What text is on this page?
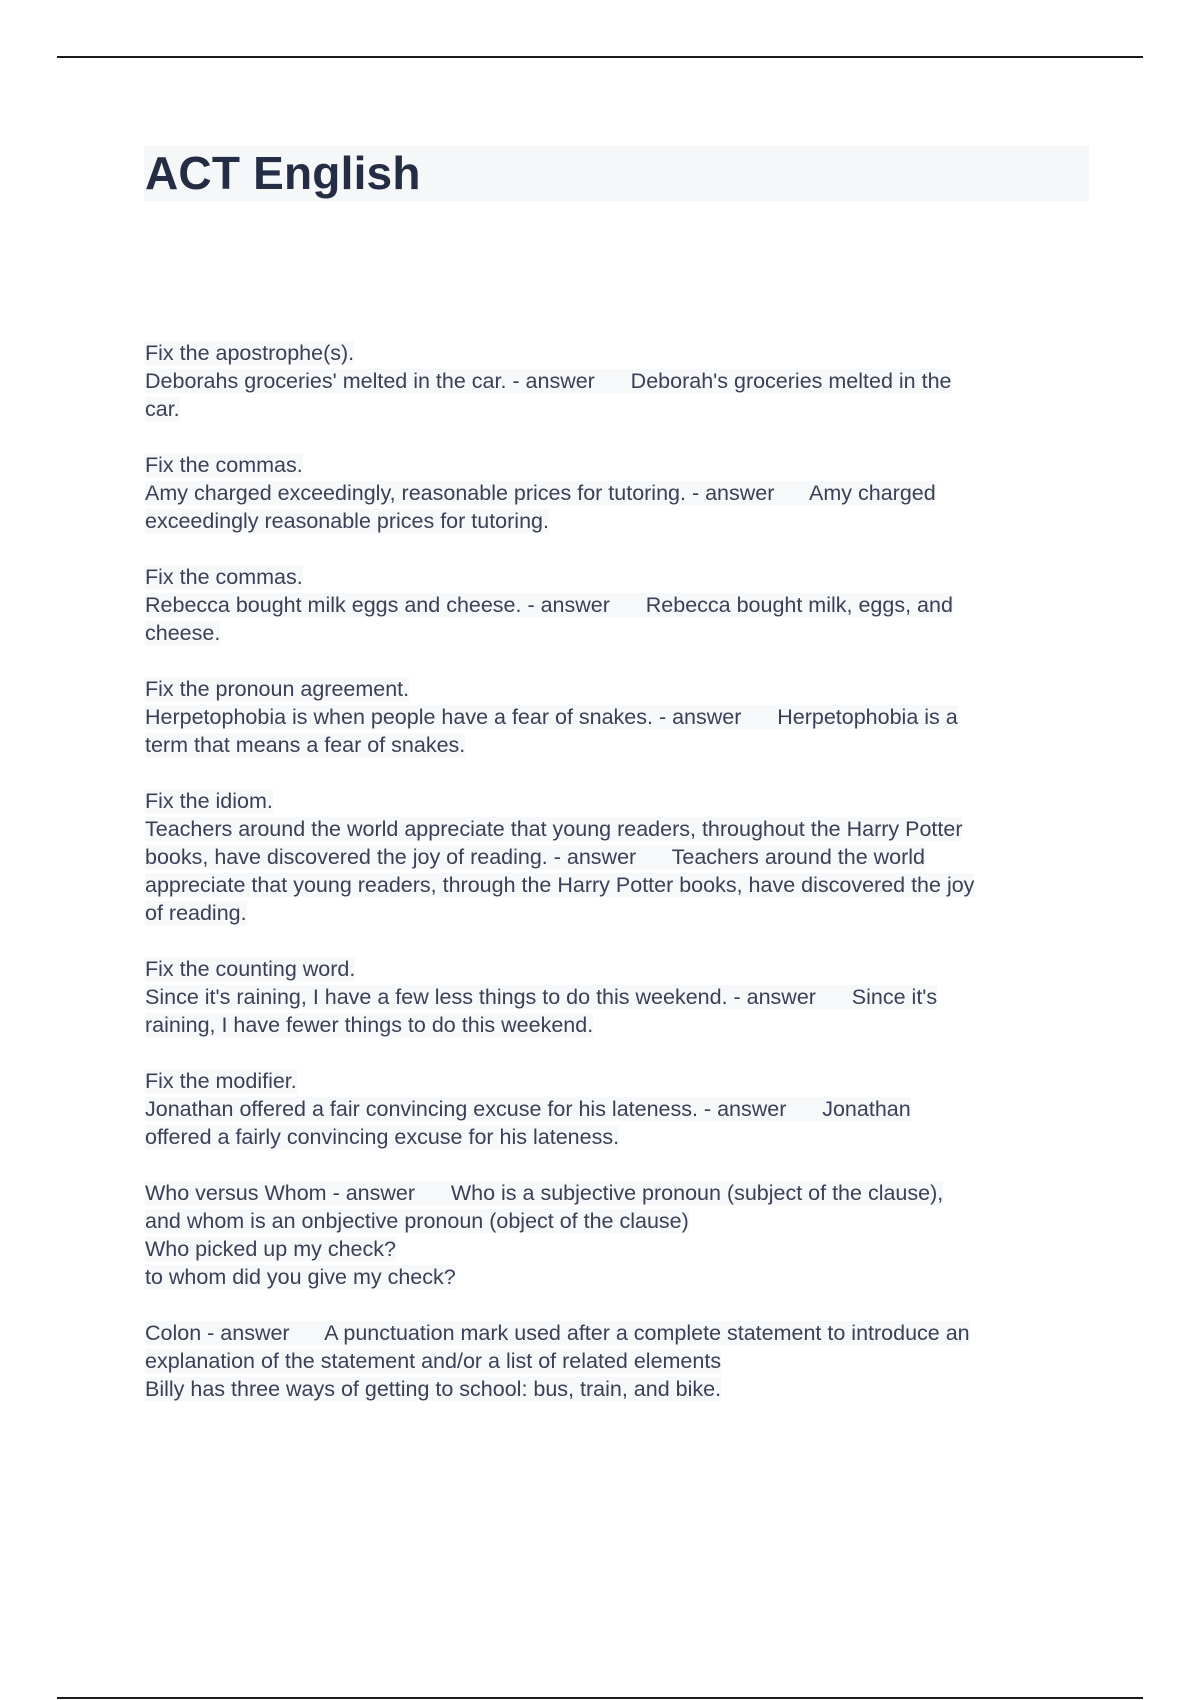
ACT English
Fix the apostrophe(s).
Deborahs groceries' melted in the car. - answer      Deborah's groceries melted in the
car.
Fix the commas.
Amy charged exceedingly, reasonable prices for tutoring. - answer      Amy charged
exceedingly reasonable prices for tutoring.
Fix the commas.
Rebecca bought milk eggs and cheese. - answer      Rebecca bought milk, eggs, and
cheese.
Fix the pronoun agreement.
Herpetophobia is when people have a fear of snakes. - answer      Herpetophobia is a
term that means a fear of snakes.
Fix the idiom.
Teachers around the world appreciate that young readers, throughout the Harry Potter
books, have discovered the joy of reading. - answer      Teachers around the world
appreciate that young readers, through the Harry Potter books, have discovered the joy
of reading.
Fix the counting word.
Since it's raining, I have a few less things to do this weekend. - answer      Since it's
raining, I have fewer things to do this weekend.
Fix the modifier.
Jonathan offered a fair convincing excuse for his lateness. - answer      Jonathan
offered a fairly convincing excuse for his lateness.
Who versus Whom - answer      Who is a subjective pronoun (subject of the clause),
and whom is an onbjective pronoun (object of the clause)
Who picked up my check?
to whom did you give my check?
Colon - answer      A punctuation mark used after a complete statement to introduce an
explanation of the statement and/or a list of related elements
Billy has three ways of getting to school: bus, train, and bike.
